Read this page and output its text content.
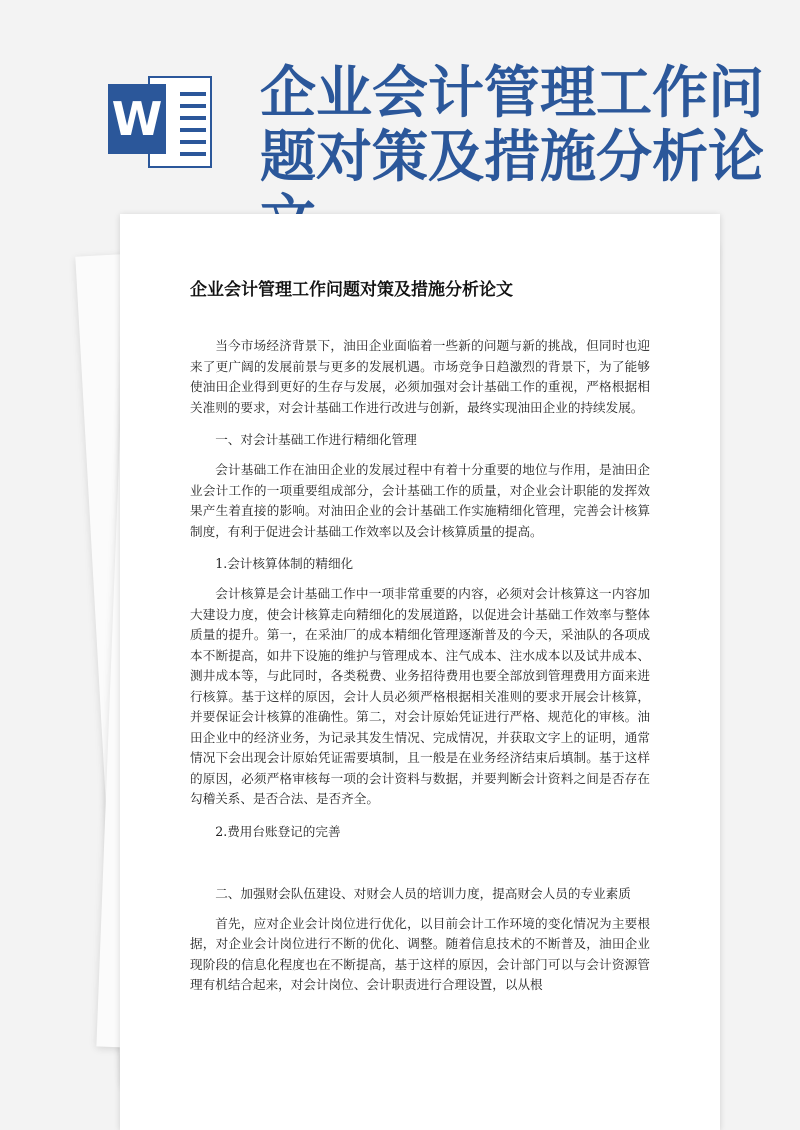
W 企业会计管理工作问题对策及措施分析论
企业会计管理工作问题对策及措施分析论文

当今市场经济背景下，油田企业面临着一些新的问题与新的挑战，但同时也迎来了更广阔的发展前景与更多的发展机遇。市场竞争日趋激烈的背景下，为了能够使油田企业得到更好的生存与发展，必须加强对会计基础工作的重视，严格根据相关准则的要求，对会计基础工作进行改进与创新，最终实现油田企业的持续发展。

一、对会计基础工作进行精细化管理

会计基础工作在油田企业的发展过程中有着十分重要的地位与作用，是油田企业会计工作的一项重要组成部分，会计基础工作的质量，对企业会计职能的发挥效果产生着直接的影响。对油田企业的会计基础工作实施精细化管理，完善会计核算制度，有利于促进会计基础工作效率以及会计核算质量的提高。

1.会计核算体制的精细化

会计核算是会计基础工作中一项非常重要的内容，必须对会计核算这一内容加大建设力度，使会计核算走向精细化的发展道路，以促进会计基础工作效率与整体质量的提升。第一，在采油厂的成本精细化管理逐渐普及的今天，采油队的各项成本不断提高，如井下设施的维护与管理成本、注气成本、注水成本以及试井成本、测井成本等，与此同时，各类税费、业务招待费用也要全部放到管理费用方面来进行核算。基于这样的原因，会计人员必须严格根据相关准则的要求开展会计核算，并要保证会计核算的准确性。第二，对会计原始凭证进行严格、规范化的审核。油田企业中的经济业务，为记录其发生情况、完成情况，并获取文字上的证明，通常情况下会出现会计原始凭证需要填制，且一般是在业务经济结束后填制。基于这样的原因，必须严格审核每一项的会计资料与数据，并要判断会计资料之间是否存在勾稽关系、是否合法、是否齐全。

2.费用台账登记的完善

二、加强财会队伍建设、对财会人员的培训力度，提高财会人员的专业素质

首先，应对企业会计岗位进行优化，以目前会计工作环境的变化情况为主要根据，对企业会计岗位进行不断的优化、调整。随着信息技术的不断普及，油田企业现阶段的信息化程度也在不断提高，基于这样的原因，会计部门可以与会计资源管理有机结合起来，对会计岗位、会计职责进行合理设置，以从根
